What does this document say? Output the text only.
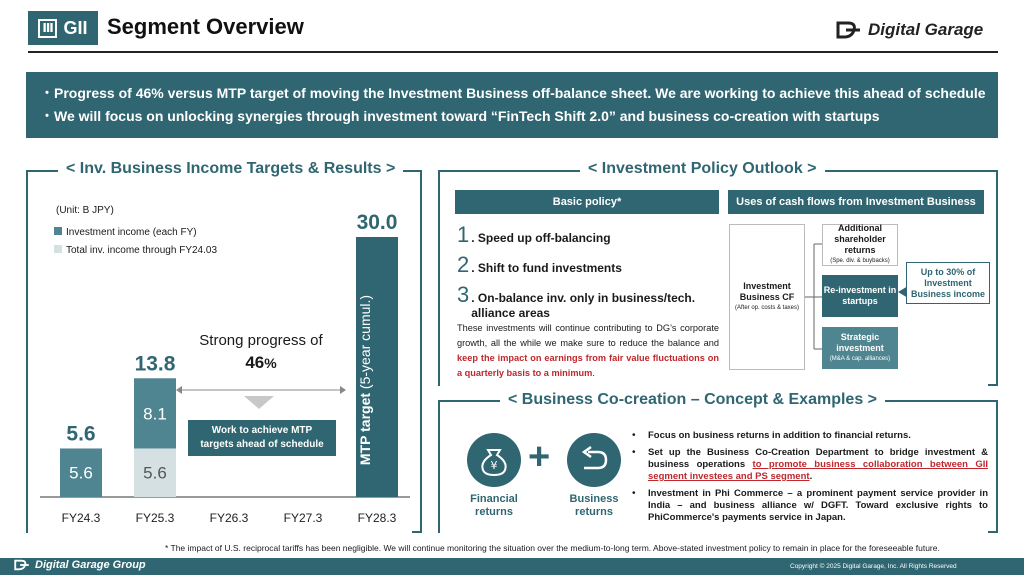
Ⅲ GII Segment Overview	Digital Garage
・Progress of 46% versus MTP target of moving the Investment Business off-balance sheet. We are working to achieve this ahead of schedule
・We will focus on unlocking synergies through investment toward “FinTech Shift 2.0” and business co-creation with startups
< Inv. Business Income Targets & Results >
(Unit: B JPY)
Investment income (each FY)
Total inv. income through FY24.03
FY24.3
5.6
5.6
FY25.3
5.6
8.1
13.8
FY26.3	FY27.3	FY28.3
30.0
Strong progress of
46%
Work to achieve MTP targets ahead of schedule	MTP target (5-year cumul.)
< Investment Policy Outlook >
Basic policy*	Uses of cash flows from Investment Business
1 . Speed up off-balancing
2 . Shift to fund investments
3 . On-balance inv. only in business/tech. alliance areas
These investments will continue contributing to DG’s corporate growth, all the while we make sure to reduce the balance and keep the impact on earnings from fair value fluctuations on a quarterly basis to a minimum.
Investment Business CF
(After op. costs & taxes)
Additional shareholder returns
(Spe. div. & buybacks)
Re-investment in startups
Strategic investment
(M&A & cap. alliances)
Up to 30% of Investment Business income
< Business Co-creation – Concept & Examples >
¥
Financial returns
+
Business returns
Focus on business returns in addition to financial returns.
Set up the Business Co-Creation Department to bridge investment & business operations to promote business collaboration between GII segment investees and PS segment.
Investment in Phi Commerce – a prominent payment service provider in India – and business alliance w/ DGFT. Toward exclusive rights to PhiCommerce's payments service in Japan.
•
•
•
* The impact of U.S. reciprocal tariffs has been negligible. We will continue monitoring the situation over the medium-to-long term. Above-stated investment policy to remain in place for the foreseeable future.
Digital Garage Group	Copyright © 2025 Digital Garage, Inc. All Rights Reserved
